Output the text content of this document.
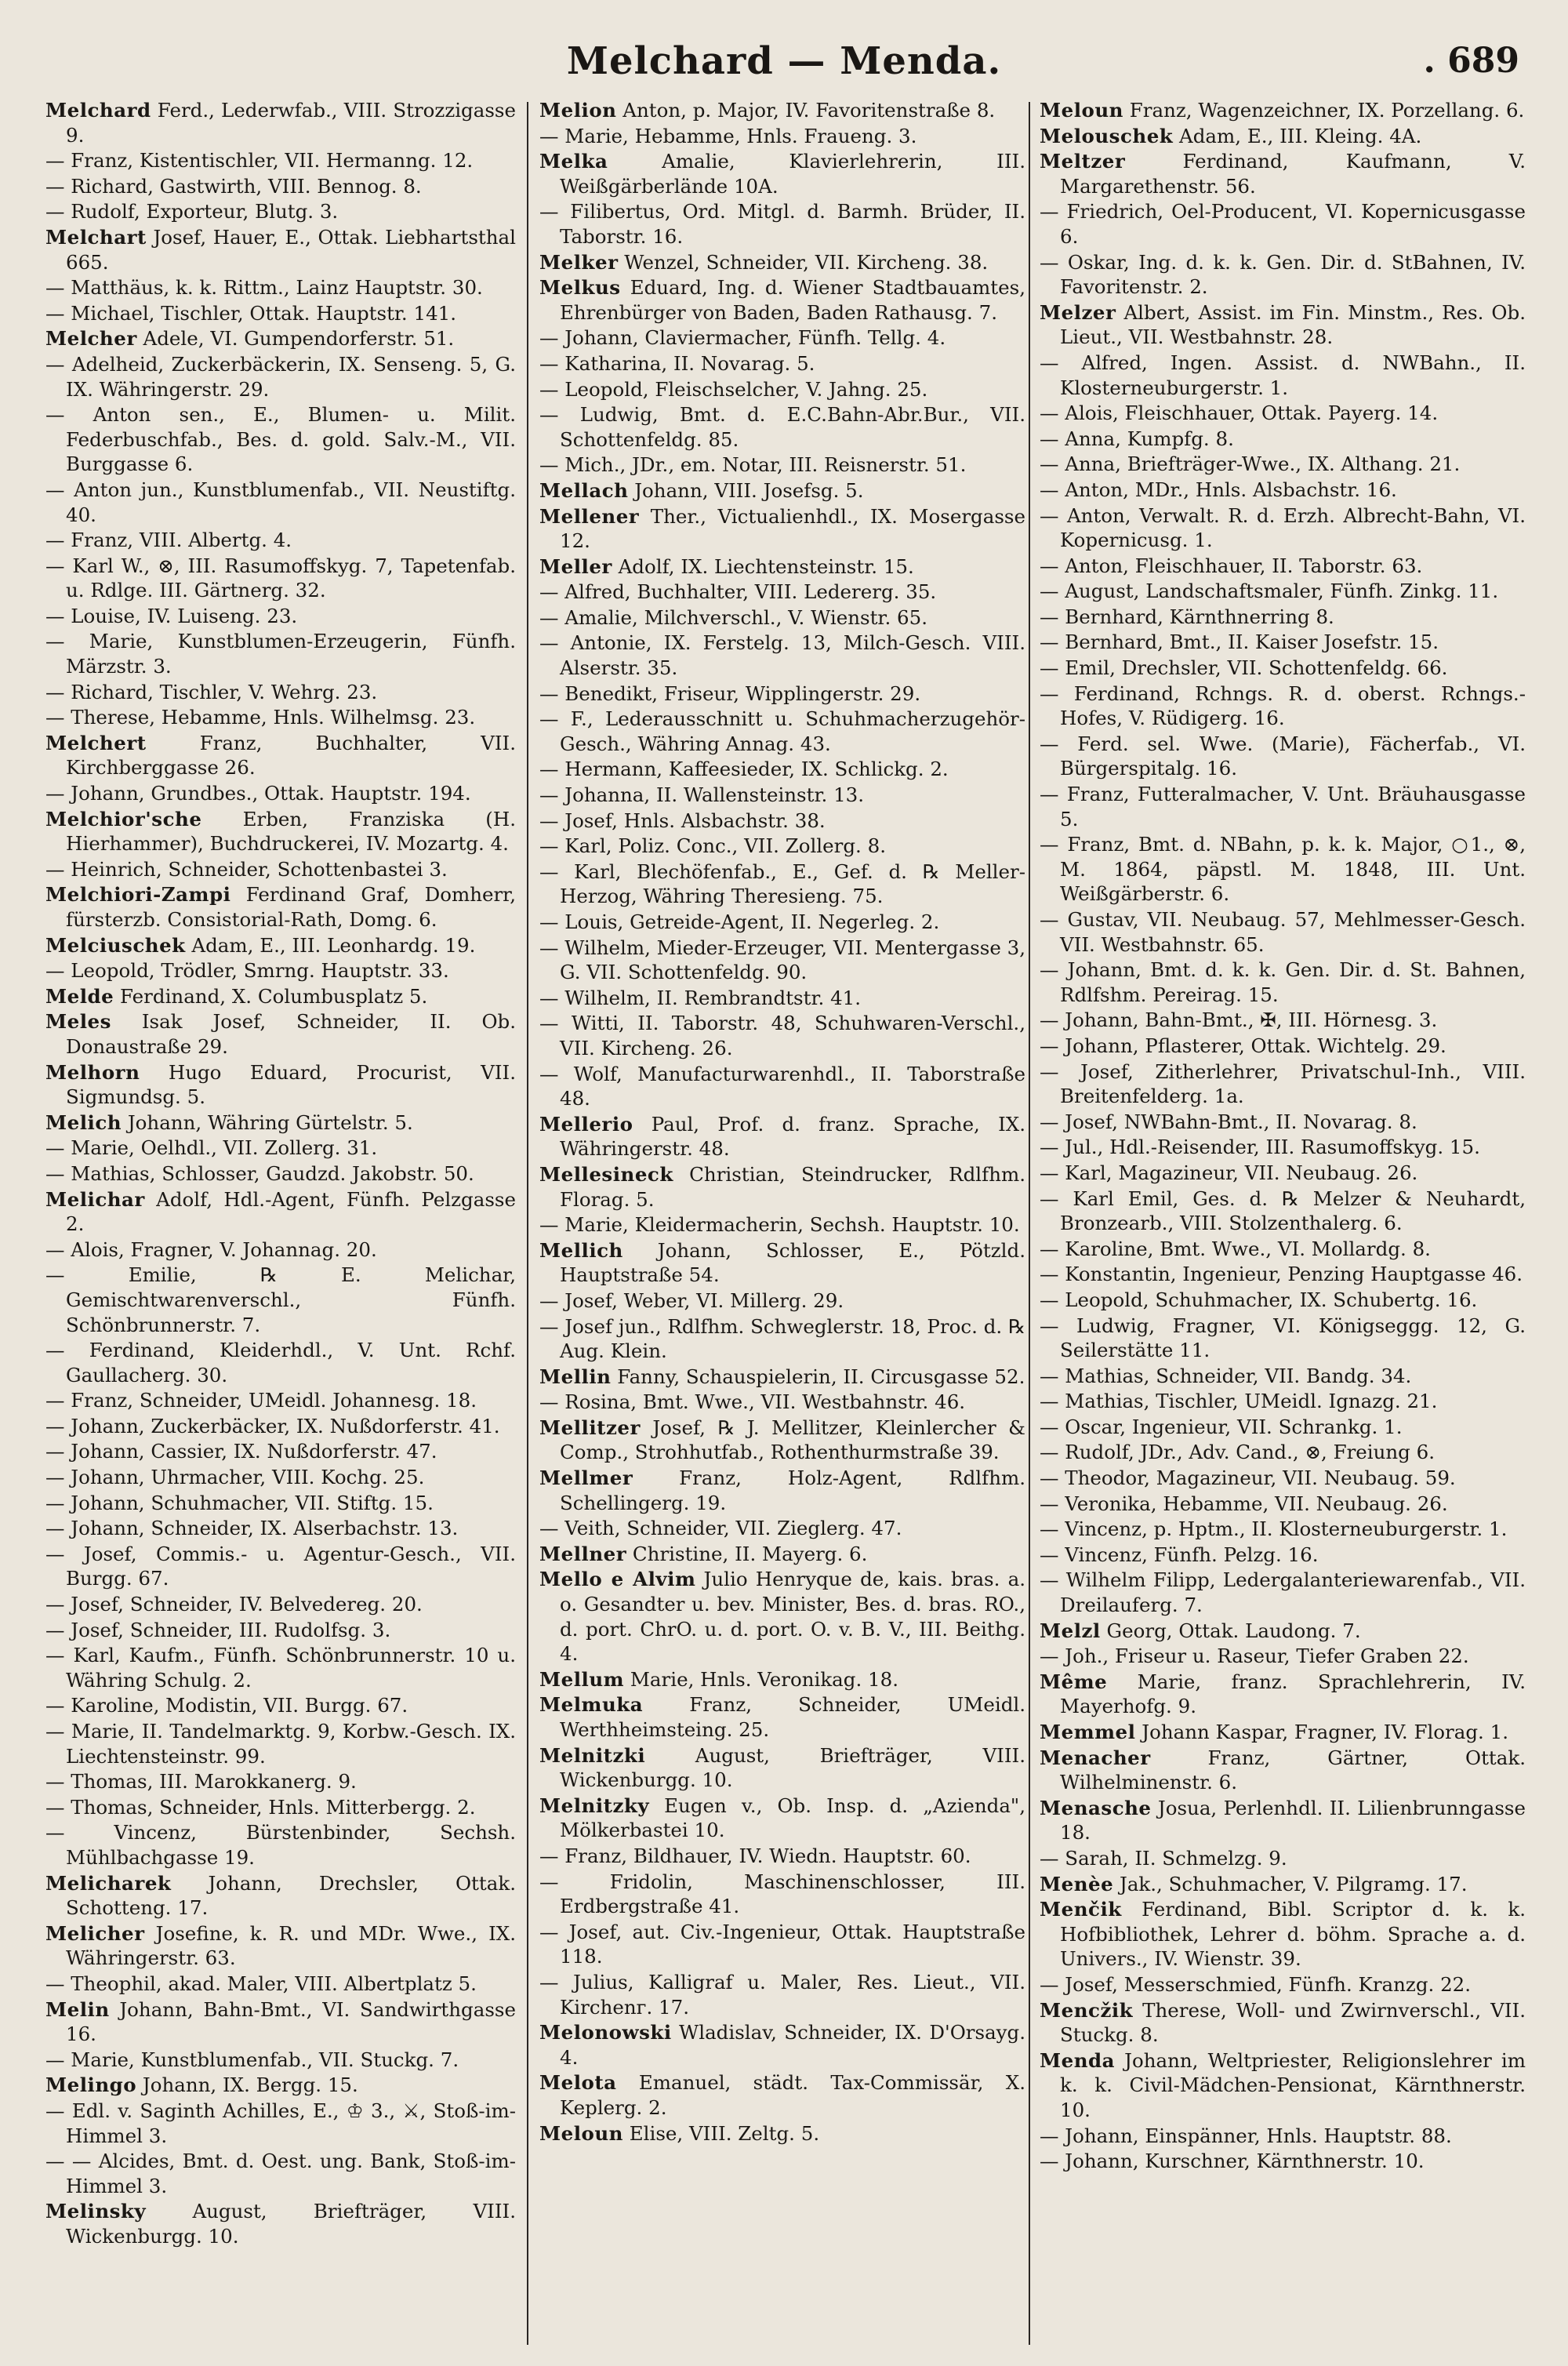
Melchard — Menda.	. 689
Melchard Ferd., Lederwfab., VIII. Strozzigasse 9.
— Franz, Kistentischler, VII. Hermanng. 12.
— Richard, Gastwirth, VIII. Bennog. 8.
— Rudolf, Exporteur, Blutg. 3.
Melchart Josef, Hauer, E., Ottak. Liebhartsthal 665.
— Matthäus, k. k. Rittm., Lainz Hauptstr. 30.
— Michael, Tischler, Ottak. Hauptstr. 141.
Melcher Adele, VI. Gumpendorferstr. 51.
— Adelheid, Zuckerbäckerin, IX. Sensеng. 5, G. IX. Währingerstr. 29.
— Anton sen., E., Blumen- u. Milit. Federbuschfab., Bes. d. gold. Salv.-M., VII. Burggasse 6.
— Anton jun., Kunstblumenfab., VII. Neustiftg. 40.
— Franz, VIII. Albertg. 4.
— Karl W., ⊗, III. Rasumoffskyg. 7, Tapetenfab. u. Rdlge. III. Gärtnerg. 32.
— Louise, IV. Luiseng. 23.
— Marie, Kunstblumen-Erzeugerin, Fünfh. Märzstr. 3.
— Richard, Tischler, V. Wehrg. 23.
— Therese, Hebamme, Hnls. Wilhelmsg. 23.
Melchert Franz, Buchhalter, VII. Kirchberggasse 26.
— Johann, Grundbes., Ottak. Hauptstr. 194.
Melchior'sche Erben, Franziska (H. Hierhammer), Buchdruckerei, IV. Mozartg. 4.
— Heinrich, Schneider, Schottenbastei 3.
Melchiori-Zampi Ferdinand Graf, Domherr, fürsterzb. Consistorial-Rath, Domg. 6.
Melciuschek Adam, E., III. Leonhardg. 19.
— Leopold, Trödler, Smrng. Hauptstr. 33.
Melde Ferdinand, X. Columbusplatz 5.
Meles Isak Josef, Schneider, II. Ob. Donaustraße 29.
Melhorn Hugo Eduard, Procurist, VII. Sigmundsg. 5.
Melich Johann, Währing Gürtelstr. 5.
— Marie, Oelhdl., VII. Zollerg. 31.
— Mathias, Schlosser, Gaudzd. Jakobstr. 50.
Melichar Adolf, Hdl.-Agent, Fünfh. Pelzgasse 2.
— Alois, Fragner, V. Johannag. 20.
— Emilie, ℞ E. Melichar, Gemischtwarenverschl., Fünfh. Schönbrunnerstr. 7.
— Ferdinand, Kleiderhdl., V. Unt. Rchf. Gaullacherg. 30.
— Franz, Schneider, UMeidl. Johannesg. 18.
— Johann, Zuckerbäcker, IX. Nußdorferstr. 41.
— Johann, Cassier, IX. Nußdorferstr. 47.
— Johann, Uhrmacher, VIII. Kochg. 25.
— Johann, Schuhmacher, VII. Stiftg. 15.
— Johann, Schneider, IX. Alserbachstr. 13.
— Josef, Commis.- u. Agentur-Gesch., VII. Burgg. 67.
— Josef, Schneider, IV. Belvedereg. 20.
— Josef, Schneider, III. Rudolfsg. 3.
— Karl, Kaufm., Fünfh. Schönbrunnerstr. 10 u. Währing Schulg. 2.
— Karoline, Modistin, VII. Burgg. 67.
— Marie, II. Tandelmarktg. 9, Korbw.-Gesch. IX. Liechtensteinstr. 99.
— Thomas, III. Marokkanerg. 9.
— Thomas, Schneider, Hnls. Mitterbergg. 2.
— Vincenz, Bürstenbinder, Sechsh. Mühlbachgasse 19.
Melicharek Johann, Drechsler, Ottak. Schotteng. 17.
Melicher Josefine, k. R. und MDr. Wwe., IX. Währingerstr. 63.
— Theophil, akad. Maler, VIII. Albertplatz 5.
Melin Johann, Bahn-Bmt., VI. Sandwirthgasse 16.
— Marie, Kunstblumenfab., VII. Stuckg. 7.
Melingo Johann, IX. Bergg. 15.
— Edl. v. Saginth Achilles, E., ♔ 3., ⚔, Stoß-im-Himmel 3.
— — Alcides, Bmt. d. Oest. ung. Bank, Stoß-im-Himmel 3.
Melinsky August, Briefträger, VIII. Wickenburgg. 10.
Melion Anton, p. Major, IV. Favoritenstraße 8.
— Marie, Hebamme, Hnls. Fraueng. 3.
Melka Amalie, Klavierlehrerin, III. Weißgärberlände 10A.
— Filibertus, Ord. Mitgl. d. Barmh. Brüder, II. Taborstr. 16.
Melker Wenzel, Schneider, VII. Kircheng. 38.
Melkus Eduard, Ing. d. Wiener Stadtbauamtes, Ehrenbürger von Baden, Baden Rathausg. 7.
— Johann, Claviermacher, Fünfh. Tellg. 4.
— Katharina, II. Novarag. 5.
— Leopold, Fleischselcher, V. Jahng. 25.
— Ludwig, Bmt. d. E.C.Bahn-Abr.Bur., VII. Schottenfeldg. 85.
— Mich., JDr., em. Notar, III. Reisnerstr. 51.
Mellach Johann, VIII. Josefsg. 5.
Mellener Ther., Victualienhdl., IX. Mosergasse 12.
Meller Adolf, IX. Liechtensteinstr. 15.
— Alfred, Buchhalter, VIII. Ledererg. 35.
— Amalie, Milchverschl., V. Wienstr. 65.
— Antonie, IX. Ferstelg. 13, Milch-Gesch. VIII. Alserstr. 35.
— Benedikt, Friseur, Wipplingerstr. 29.
— F., Lederausschnitt u. Schuhmacherzugehör-Gesch., Währing Annag. 43.
— Hermann, Kaffeesieder, IX. Schlickg. 2.
— Johanna, II. Wallensteinstr. 13.
— Josef, Hnls. Alsbachstr. 38.
— Karl, Poliz. Conc., VII. Zollerg. 8.
— Karl, Blechöfenfab., E., Gef. d. ℞ Meller-Herzog, Währing Theresieng. 75.
— Louis, Getreide-Agent, II. Negerleg. 2.
— Wilhelm, Mieder-Erzeuger, VII. Mentergasse 3, G. VII. Schottenfeldg. 90.
— Wilhelm, II. Rembrandtstr. 41.
— Witti, II. Taborstr. 48, Schuhwaren-Verschl., VII. Kircheng. 26.
— Wolf, Manufacturwarenhdl., II. Taborstraße 48.
Mellerio Paul, Prof. d. franz. Sprache, IX. Währingerstr. 48.
Mellesineck Christian, Steindrucker, Rdlfhm. Florag. 5.
— Marie, Kleidermacherin, Sechsh. Hauptstr. 10.
Mellich Johann, Schlosser, E., Pötzld. Hauptstraße 54.
— Josef, Weber, VI. Millerg. 29.
— Josef jun., Rdlfhm. Schweglerstr. 18, Proc. d. ℞ Aug. Klein.
Mellin Fanny, Schauspielerin, II. Circusgasse 52.
— Rosina, Bmt. Wwe., VII. Westbahnstr. 46.
Mellitzer Josef, ℞ J. Mellitzer, Kleinlercher & Comp., Strohhutfab., Rothenthurmstraße 39.
Mellmer Franz, Holz-Agent, Rdlfhm. Schellingerg. 19.
— Veith, Schneider, VII. Zieglerg. 47.
Mellner Christine, II. Mayerg. 6.
Mello e Alvim Julio Henryque de, kais. bras. a. o. Gesandter u. bev. Minister, Bes. d. bras. RO., d. port. ChrO. u. d. port. O. v. B. V., III. Beithg. 4.
Mellum Marie, Hnls. Veronikag. 18.
Melmuka Franz, Schneider, UMeidl. Werthheimsteing. 25.
Melnitzki August, Briefträger, VIII. Wickenburgg. 10.
Melnitzky Eugen v., Ob. Insp. d. „Azienda", Mölkerbastei 10.
— Franz, Bildhauer, IV. Wiedn. Hauptstr. 60.
— Fridolin, Maschinenschlosser, III. Erdbergstraße 41.
— Josef, aut. Civ.-Ingenieur, Ottak. Hauptstraße 118.
— Julius, Kalligraf u. Maler, Res. Lieut., VII. Kirchenг. 17.
Melonowski Wladislav, Schneider, IX. D'Orsayg. 4.
Melota Emanuel, städt. Tax-Commissär, X. Keplerg. 2.
Meloun Elise, VIII. Zeltg. 5.
Meloun Franz, Wagenzeichner, IX. Porzellang. 6.
Melouschek Adam, E., III. Kleing. 4A.
Meltzer Ferdinand, Kaufmann, V. Margarethenstr. 56.
— Friedrich, Oel-Producent, VI. Kopernicusgasse 6.
— Oskar, Ing. d. k. k. Gen. Dir. d. StBahnen, IV. Favoritenstr. 2.
Melzer Albert, Assist. im Fin. Minstm., Res. Ob. Lieut., VII. Westbahnstr. 28.
— Alfred, Ingen. Assist. d. NWBahn., II. Klosterneuburgerstr. 1.
— Alois, Fleischhauer, Ottak. Payerg. 14.
— Anna, Kumpfg. 8.
— Anna, Briefträger-Wwe., IX. Althang. 21.
— Anton, MDr., Hnls. Alsbachstr. 16.
— Anton, Verwalt. R. d. Erzh. Albrecht-Bahn, VI. Kopernicusg. 1.
— Anton, Fleischhauer, II. Taborstr. 63.
— August, Landschaftsmaler, Fünfh. Zinkg. 11.
— Bernhard, Kärnthnerring 8.
— Bernhard, Bmt., II. Kaiser Josefstr. 15.
— Emil, Drechsler, VII. Schottenfeldg. 66.
— Ferdinand, Rchngs. R. d. oberst. Rchngs.-Hofes, V. Rüdigerg. 16.
— Ferd. sel. Wwe. (Marie), Fächerfab., VI. Bürgerspitalg. 16.
— Franz, Futteralmacher, V. Unt. Bräuhausgasse 5.
— Franz, Bmt. d. NBahn, p. k. k. Major, ○1., ⊗, M. 1864, päpstl. M. 1848, III. Unt. Weißgärberstr. 6.
— Gustav, VII. Neubaug. 57, Mehlmesser-Gesch. VII. Westbahnstr. 65.
— Johann, Bmt. d. k. k. Gen. Dir. d. St. Bahnen, Rdlfshm. Pereirag. 15.
— Johann, Bahn-Bmt., ✠, III. Hörnesg. 3.
— Johann, Pflasterer, Ottak. Wichtelg. 29.
— Josef, Zitherlehrer, Privatschul-Inh., VIII. Breitenfelderg. 1a.
— Josef, NWBahn-Bmt., II. Novarag. 8.
— Jul., Hdl.-Reisender, III. Rasumoffskyg. 15.
— Karl, Magazineur, VII. Neubaug. 26.
— Karl Emil, Ges. d. ℞ Melzer & Neuhardt, Bronzearb., VIII. Stolzenthalerg. 6.
— Karoline, Bmt. Wwe., VI. Mollardg. 8.
— Konstantin, Ingenieur, Penzing Hauptgasse 46.
— Leopold, Schuhmacher, IX. Schubertg. 16.
— Ludwig, Fragner, VI. Königseggg. 12, G. Seilerstätte 11.
— Mathias, Schneider, VII. Bandg. 34.
— Mathias, Tischler, UMeidl. Ignazg. 21.
— Oscar, Ingenieur, VII. Schrankg. 1.
— Rudolf, JDr., Adv. Cand., ⊗, Freiung 6.
— Theodor, Magazineur, VII. Neubaug. 59.
— Veronika, Hebamme, VII. Neubaug. 26.
— Vincenz, p. Hptm., II. Klosterneuburgerstr. 1.
— Vincenz, Fünfh. Pelzg. 16.
— Wilhelm Filipp, Ledergalanteriewarenfab., VII. Dreilauferg. 7.
Melzl Georg, Ottak. Laudong. 7.
— Joh., Friseur u. Raseur, Tiefer Graben 22.
Même Marie, franz. Sprachlehrerin, IV. Mayerhofg. 9.
Memmel Johann Kaspar, Fragner, IV. Florag. 1.
Menacher Franz, Gärtner, Ottak. Wilhelminenstr. 6.
Menasche Josua, Perlenhdl. II. Lilienbrunngasse 18.
— Sarah, II. Schmelzg. 9.
Menèe Jak., Schuhmacher, V. Pilgramg. 17.
Menčik Ferdinand, Bibl. Scriptor d. k. k. Hofbibliothek, Lehrer d. böhm. Sprache a. d. Univers., IV. Wienstr. 39.
— Josef, Messerschmied, Fünfh. Kranzg. 22.
Mencžik Therese, Woll- und Zwirnverschl., VII. Stuckg. 8.
Menda Johann, Weltpriester, Religionslehrer im k. k. Civil-Mädchen-Pensionat, Kärnthnerstr. 10.
— Johann, Einspänner, Hnls. Hauptstr. 88.
— Johann, Kurschner, Kärnthnerstr. 10.
